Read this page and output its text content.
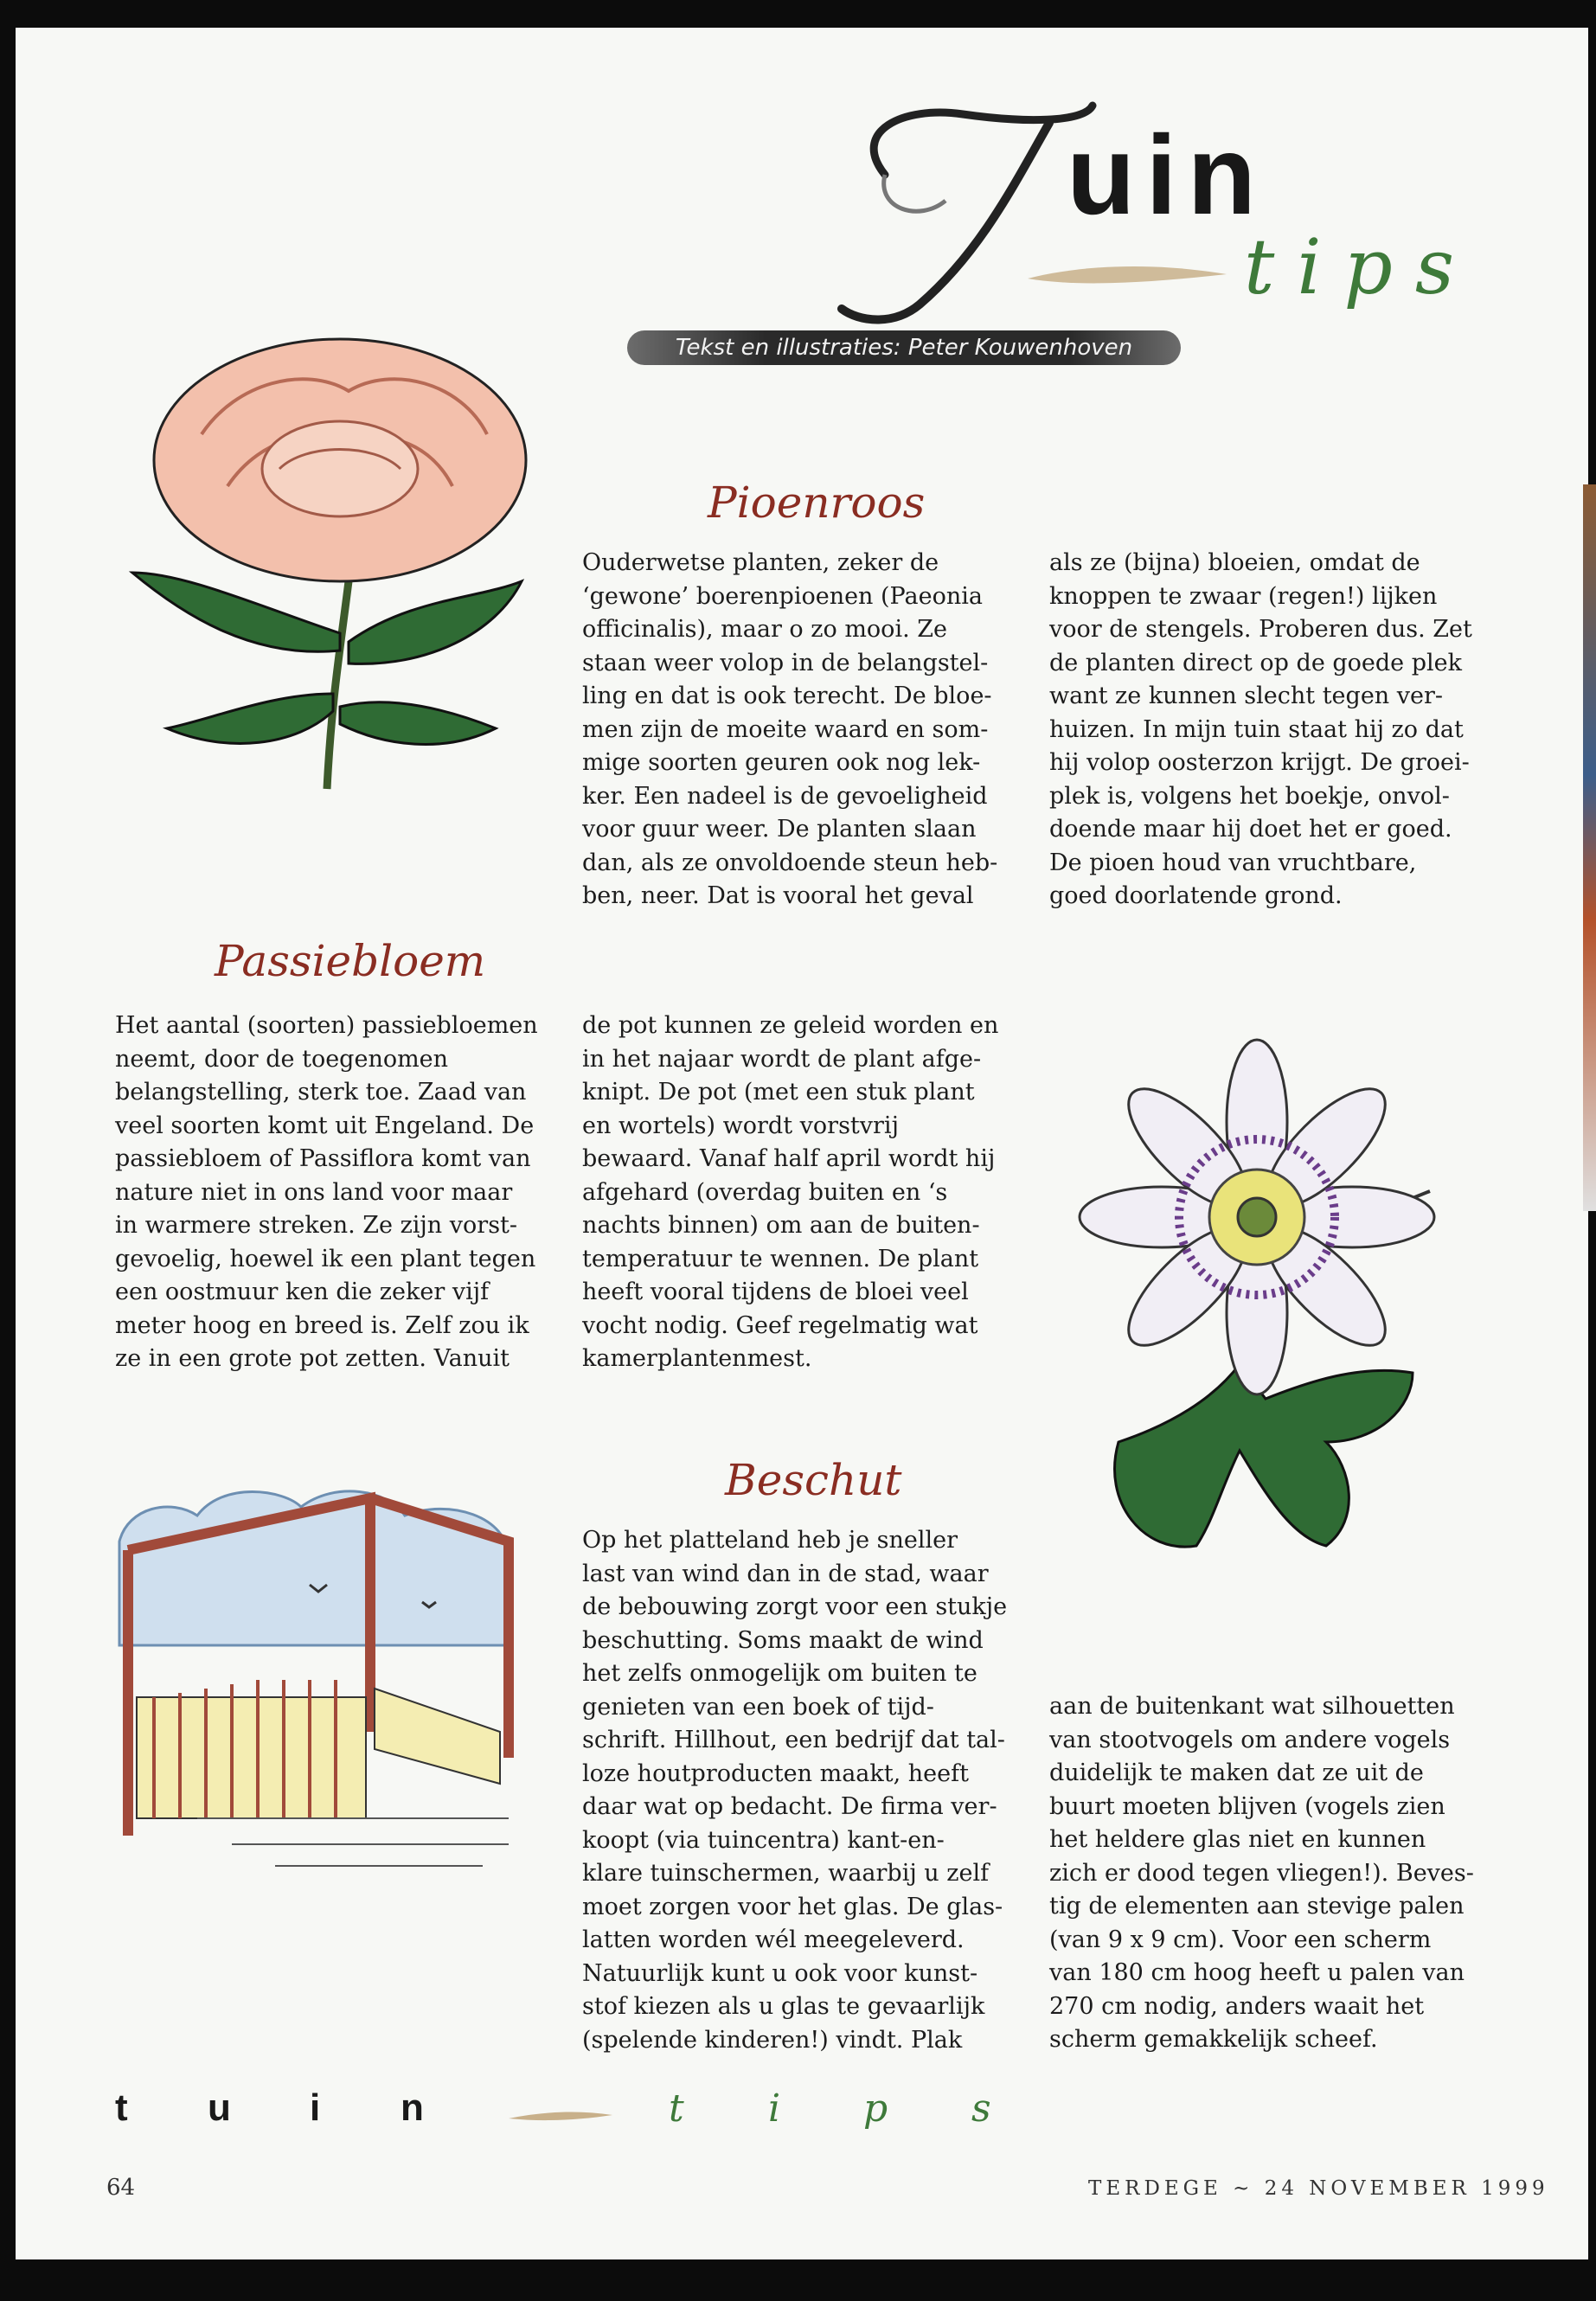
uin
tips
Tekst en illustraties: Peter Kouwenhoven
Pioenroos
Ouderwetse planten, zeker de
‘gewone’ boerenpioenen (Paeonia
officinalis), maar o zo mooi. Ze
staan weer volop in de belangstel-
ling en dat is ook terecht. De bloe-
men zijn de moeite waard en som-
mige soorten geuren ook nog lek-
ker. Een nadeel is de gevoeligheid
voor guur weer. De planten slaan
dan, als ze onvoldoende steun heb-
ben, neer. Dat is vooral het geval
als ze (bijna) bloeien, omdat de
knoppen te zwaar (regen!) lijken
voor de stengels. Proberen dus. Zet
de planten direct op de goede plek
want ze kunnen slecht tegen ver-
huizen. In mijn tuin staat hij zo dat
hij volop oosterzon krijgt. De groei-
plek is, volgens het boekje, onvol-
doende maar hij doet het er goed.
De pioen houd van vruchtbare,
goed doorlatende grond.
Passiebloem
Het aantal (soorten) passiebloemen
neemt, door de toegenomen
belangstelling, sterk toe. Zaad van
veel soorten komt uit Engeland. De
passiebloem of Passiflora komt van
nature niet in ons land voor maar
in warmere streken. Ze zijn vorst-
gevoelig, hoewel ik een plant tegen
een oostmuur ken die zeker vijf
meter hoog en breed is. Zelf zou ik
ze in een grote pot zetten. Vanuit
de pot kunnen ze geleid worden en
in het najaar wordt de plant afge-
knipt. De pot (met een stuk plant
en wortels) wordt vorstvrij
bewaard. Vanaf half april wordt hij
afgehard (overdag buiten en ‘s
nachts binnen) om aan de buiten-
temperatuur te wennen. De plant
heeft vooral tijdens de bloei veel
vocht nodig. Geef regelmatig wat
kamerplantenmest.
Beschut
Op het platteland heb je sneller
last van wind dan in de stad, waar
de bebouwing zorgt voor een stukje
beschutting. Soms maakt de wind
het zelfs onmogelijk om buiten te
genieten van een boek of tijd-
schrift. Hillhout, een bedrijf dat tal-
loze houtproducten maakt, heeft
daar wat op bedacht. De firma ver-
koopt (via tuincentra) kant-en-
klare tuinschermen, waarbij u zelf
moet zorgen voor het glas. De glas-
latten worden wél meegeleverd.
Natuurlijk kunt u ook voor kunst-
stof kiezen als u glas te gevaarlijk
(spelende kinderen!) vindt. Plak
aan de buitenkant wat silhouetten
van stootvogels om andere vogels
duidelijk te maken dat ze uit de
buurt moeten blijven (vogels zien
het heldere glas niet en kunnen
zich er dood tegen vliegen!). Beves-
tig de elementen aan stevige palen
(van 9 x 9 cm). Voor een scherm
van 180 cm hoog heeft u palen van
270 cm nodig, anders waait het
scherm gemakkelijk scheef.
t u i n	t i p s
64	TERDEGE ~ 24 NOVEMBER 1999
